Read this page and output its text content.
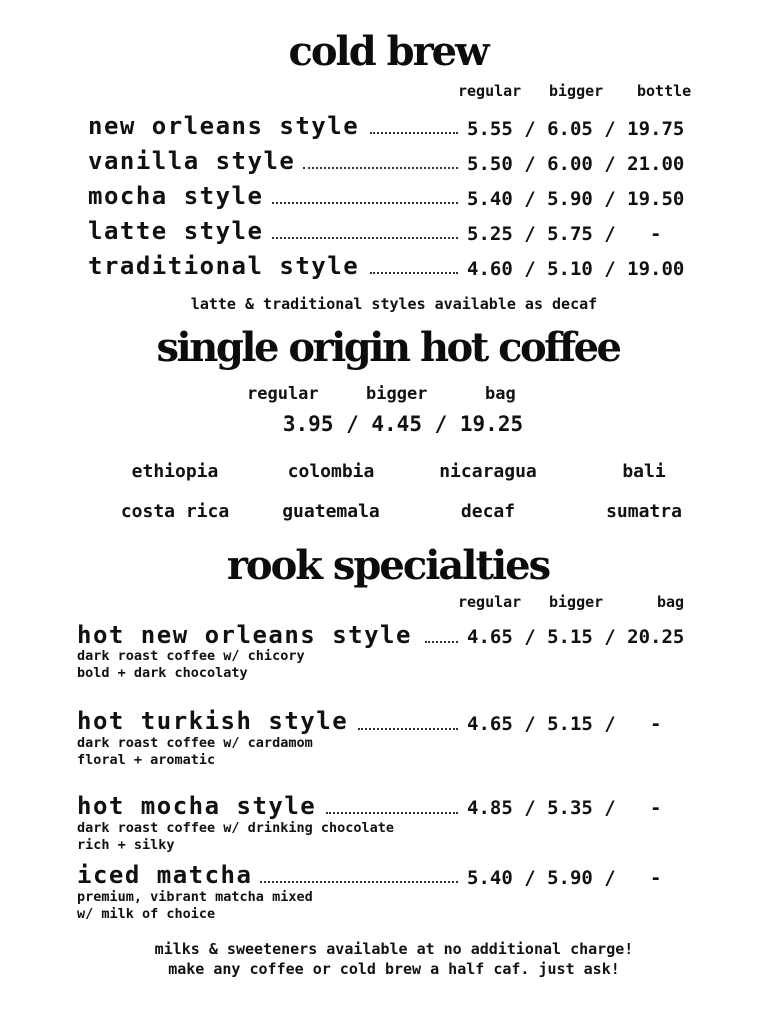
cold brew
regular bigger bottle
new orleans style	5.55 / 6.05 / 19.75
vanilla style	5.50 / 6.00 / 21.00
mocha style	5.40 / 5.90 / 19.50
latte style	5.25 / 5.75 /   -
traditional style	4.60 / 5.10 / 19.00
latte & traditional styles available as decaf
single origin hot coffee
regular	bigger	bag
3.95 / 4.45 / 19.25
ethiopia	colombia	nicaragua	bali
costa rica	guatemala	decaf	sumatra
rook specialties
regular bigger	bag
hot new orleans style	4.65 / 5.15 / 20.25
dark roast coffee w/ chicory
bold + dark chocolaty
hot turkish style	4.65 / 5.15 /   -
dark roast coffee w/ cardamom
floral + aromatic
hot mocha style	4.85 / 5.35 /   -
dark roast coffee w/ drinking chocolate
rich + silky
iced matcha	5.40 / 5.90 /   -
premium, vibrant matcha mixed
w/ milk of choice
milks & sweeteners available at no additional charge!
make any coffee or cold brew a half caf. just ask!
